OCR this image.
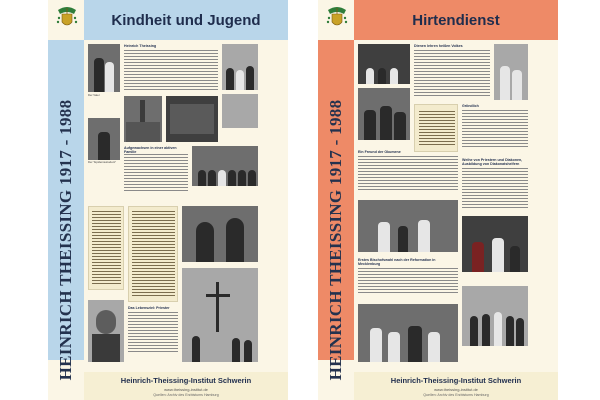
Kindheit und Jugend
HEINRICH THEISSING 1917 - 1988
Der Vater
Heinrich Theissing
Der "Epidemiestudent"
Aufgewachsen in einer aktiven Familie
Das Lebensziel: Priester
Heinrich-Theissing-Institut Schwerin
www.theissing-institut.de
Quellen: Archiv des Erzbistums Hamburg
Hirtendienst
HEINRICH THEISSING 1917 - 1988
Dienen lehren heißen Volkes
Griindlich
Ein Freund der Ökumene
Weihe von Priestern und Diakonen, Ausbildung von Diakonatshelfern
Erstes Bischofswahl nach der Reformation in Mecklenburg
Heinrich-Theissing-Institut Schwerin
www.theissing-institut.de
Quellen: Archiv des Erzbistums Hamburg
